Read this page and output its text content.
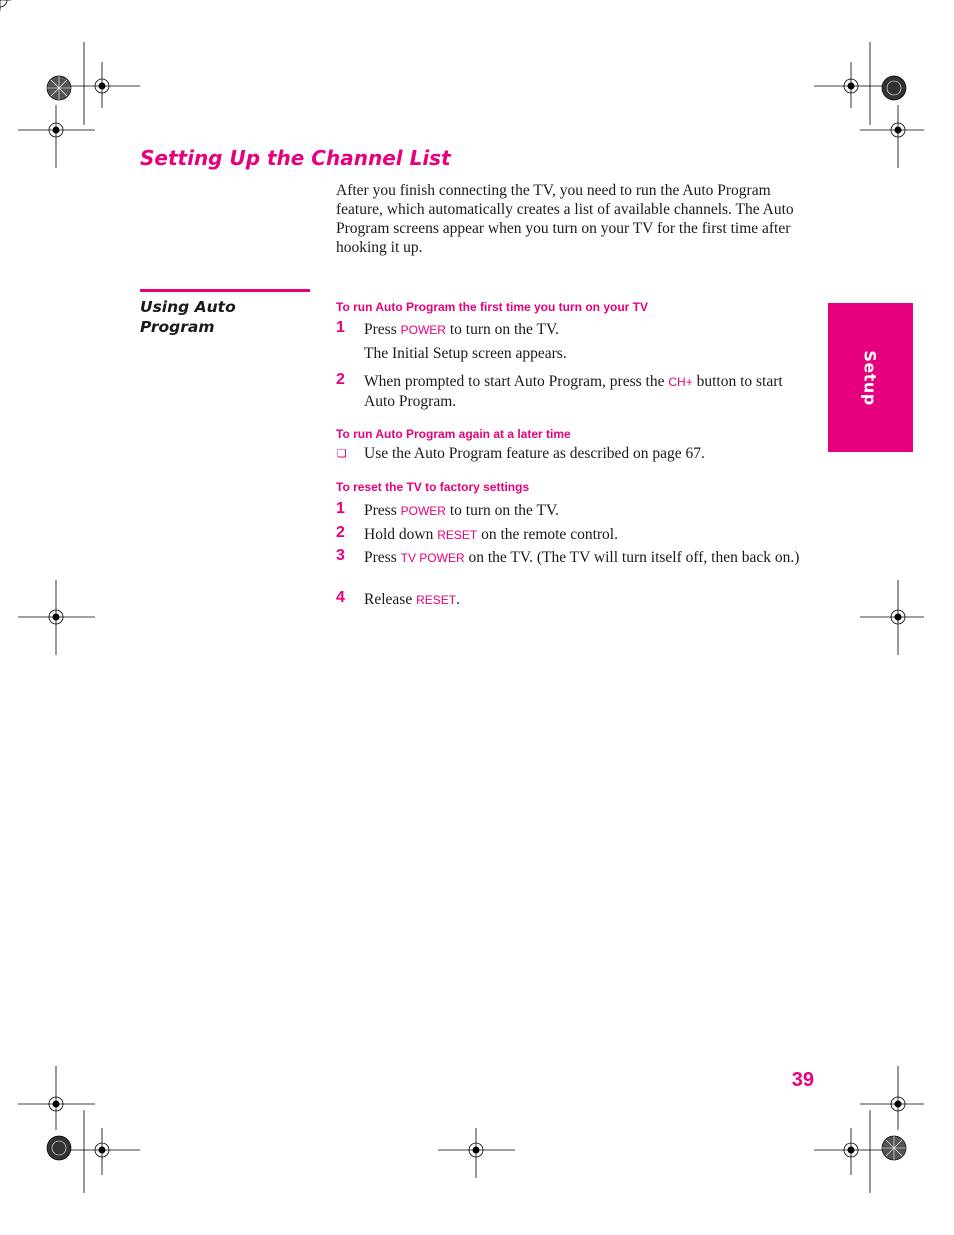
Setting Up the Channel List
After you finish connecting the TV, you need to run the Auto Program feature, which automatically creates a list of available channels. The Auto Program screens appear when you turn on your TV for the first time after hooking it up.
Using Auto Program
To run Auto Program the first time you turn on your TV
1 Press POWER to turn on the TV.
The Initial Setup screen appears.
2 When prompted to start Auto Program, press the CH+ button to start Auto Program.
To run Auto Program again at a later time
❑ Use the Auto Program feature as described on page 67.
To reset the TV to factory settings
1 Press POWER to turn on the TV.
2 Hold down RESET on the remote control.
3 Press TV POWER on the TV. (The TV will turn itself off, then back on.)
4 Release RESET.
Setup
39
